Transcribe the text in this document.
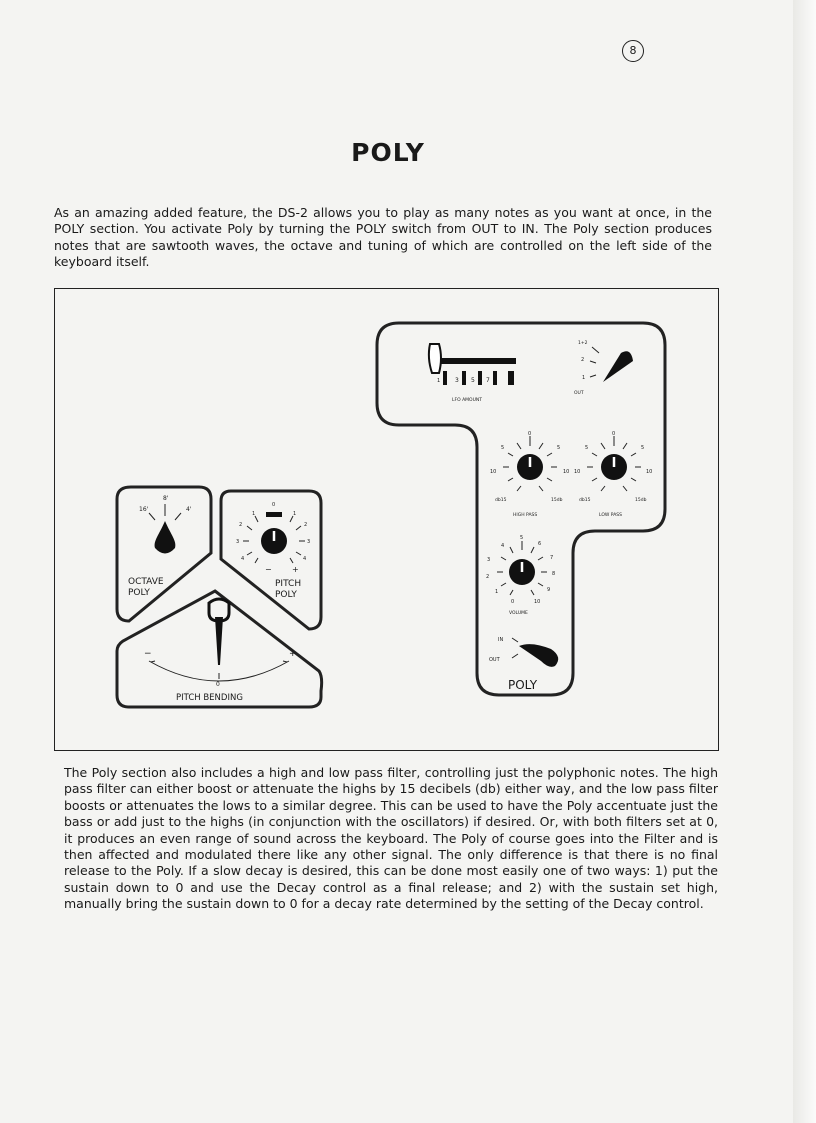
8
POLY

As an amazing added feature, the DS-2 allows you to play as many notes as you want at once, in the POLY section. You activate Poly by turning the POLY switch from OUT to IN. The Poly section produces notes that are sawtooth waves, the octave and tuning of which are controlled on the left side of the keyboard itself.

16'
8'
4'
OCTAVE
POLY
0
1
2
3
4
1
2
3
4
−	+
PITCH
POLY
−	+
0
PITCH BENDING
1 3 5 7
LFO AMOUNT
1+2
2
1
OUT
0
5	5
10	10
db15	15db
HIGH PASS
0
5	5
10	10
db15	15db
LOW PASS
0
1
2
3
4
5
6
7
8
9
10
VOLUME
IN
OUT
POLY

The Poly section also includes a high and low pass filter, controlling just the polyphonic notes. The high pass filter can either boost or attenuate the highs by 15 decibels (db) either way, and the low pass filter boosts or attenuates the lows to a similar degree. This can be used to have the Poly accentuate just the bass or add just to the highs (in conjunction with the oscillators) if desired. Or, with both filters set at 0, it produces an even range of sound across the keyboard. The Poly of course goes into the Filter and is then affected and modulated there like any other signal. The only difference is that there is no final release to the Poly. If a slow decay is desired, this can be done most easily one of two ways: 1) put the sustain down to 0 and use the Decay control as a final release; and 2) with the sustain set high, manually bring the sustain down to 0 for a decay rate determined by the setting of the Decay control.
